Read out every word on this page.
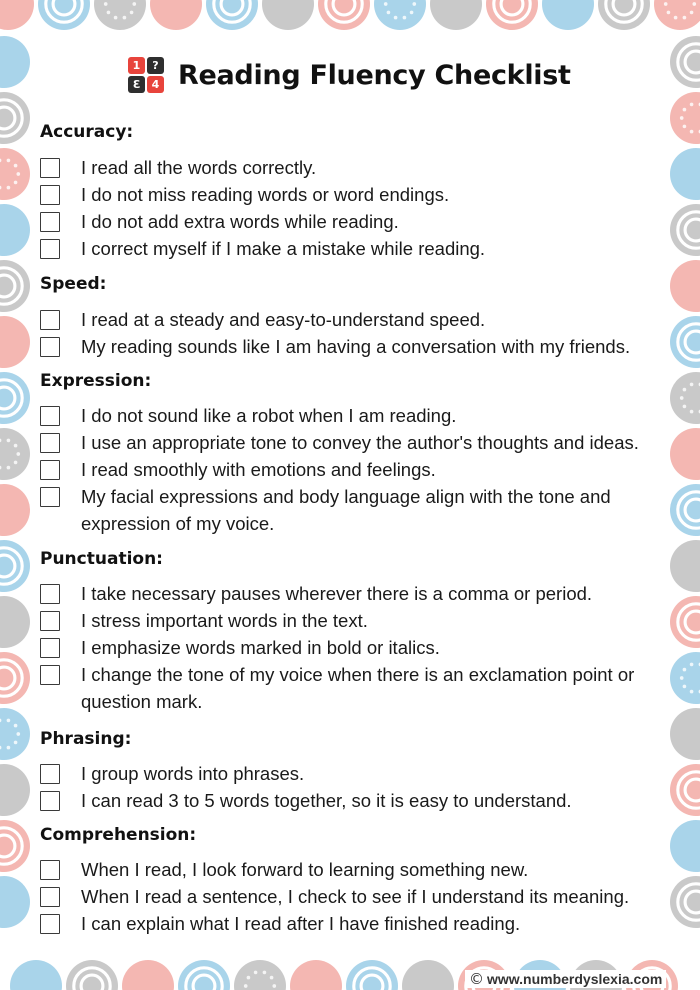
1	?
3	4 Reading Fluency Checklist
Accuracy:
I read all the words correctly.
I do not miss reading words or word endings.
I do not add extra words while reading.
I correct myself if I make a mistake while reading.
Speed:
I read at a steady and easy-to-understand speed.
My reading sounds like I am having a conversation with my friends.
Expression:
I do not sound like a robot when I am reading.
I use an appropriate tone to convey the author's thoughts and ideas.
I read smoothly with emotions and feelings.
My facial expressions and body language align with the tone and expression of my voice.
Punctuation:
I take necessary pauses wherever there is a comma or period.
I stress important words in the text.
I emphasize words marked in bold or italics.
I change the tone of my voice when there is an exclamation point or question mark.
Phrasing:
I group words into phrases.
I can read 3 to 5 words together, so it is easy to understand.
Comprehension:
When I read, I look forward to learning something new.
When I read a sentence, I check to see if I understand its meaning.
I can explain what I read after I have finished reading.
© www.numberdyslexia.com
